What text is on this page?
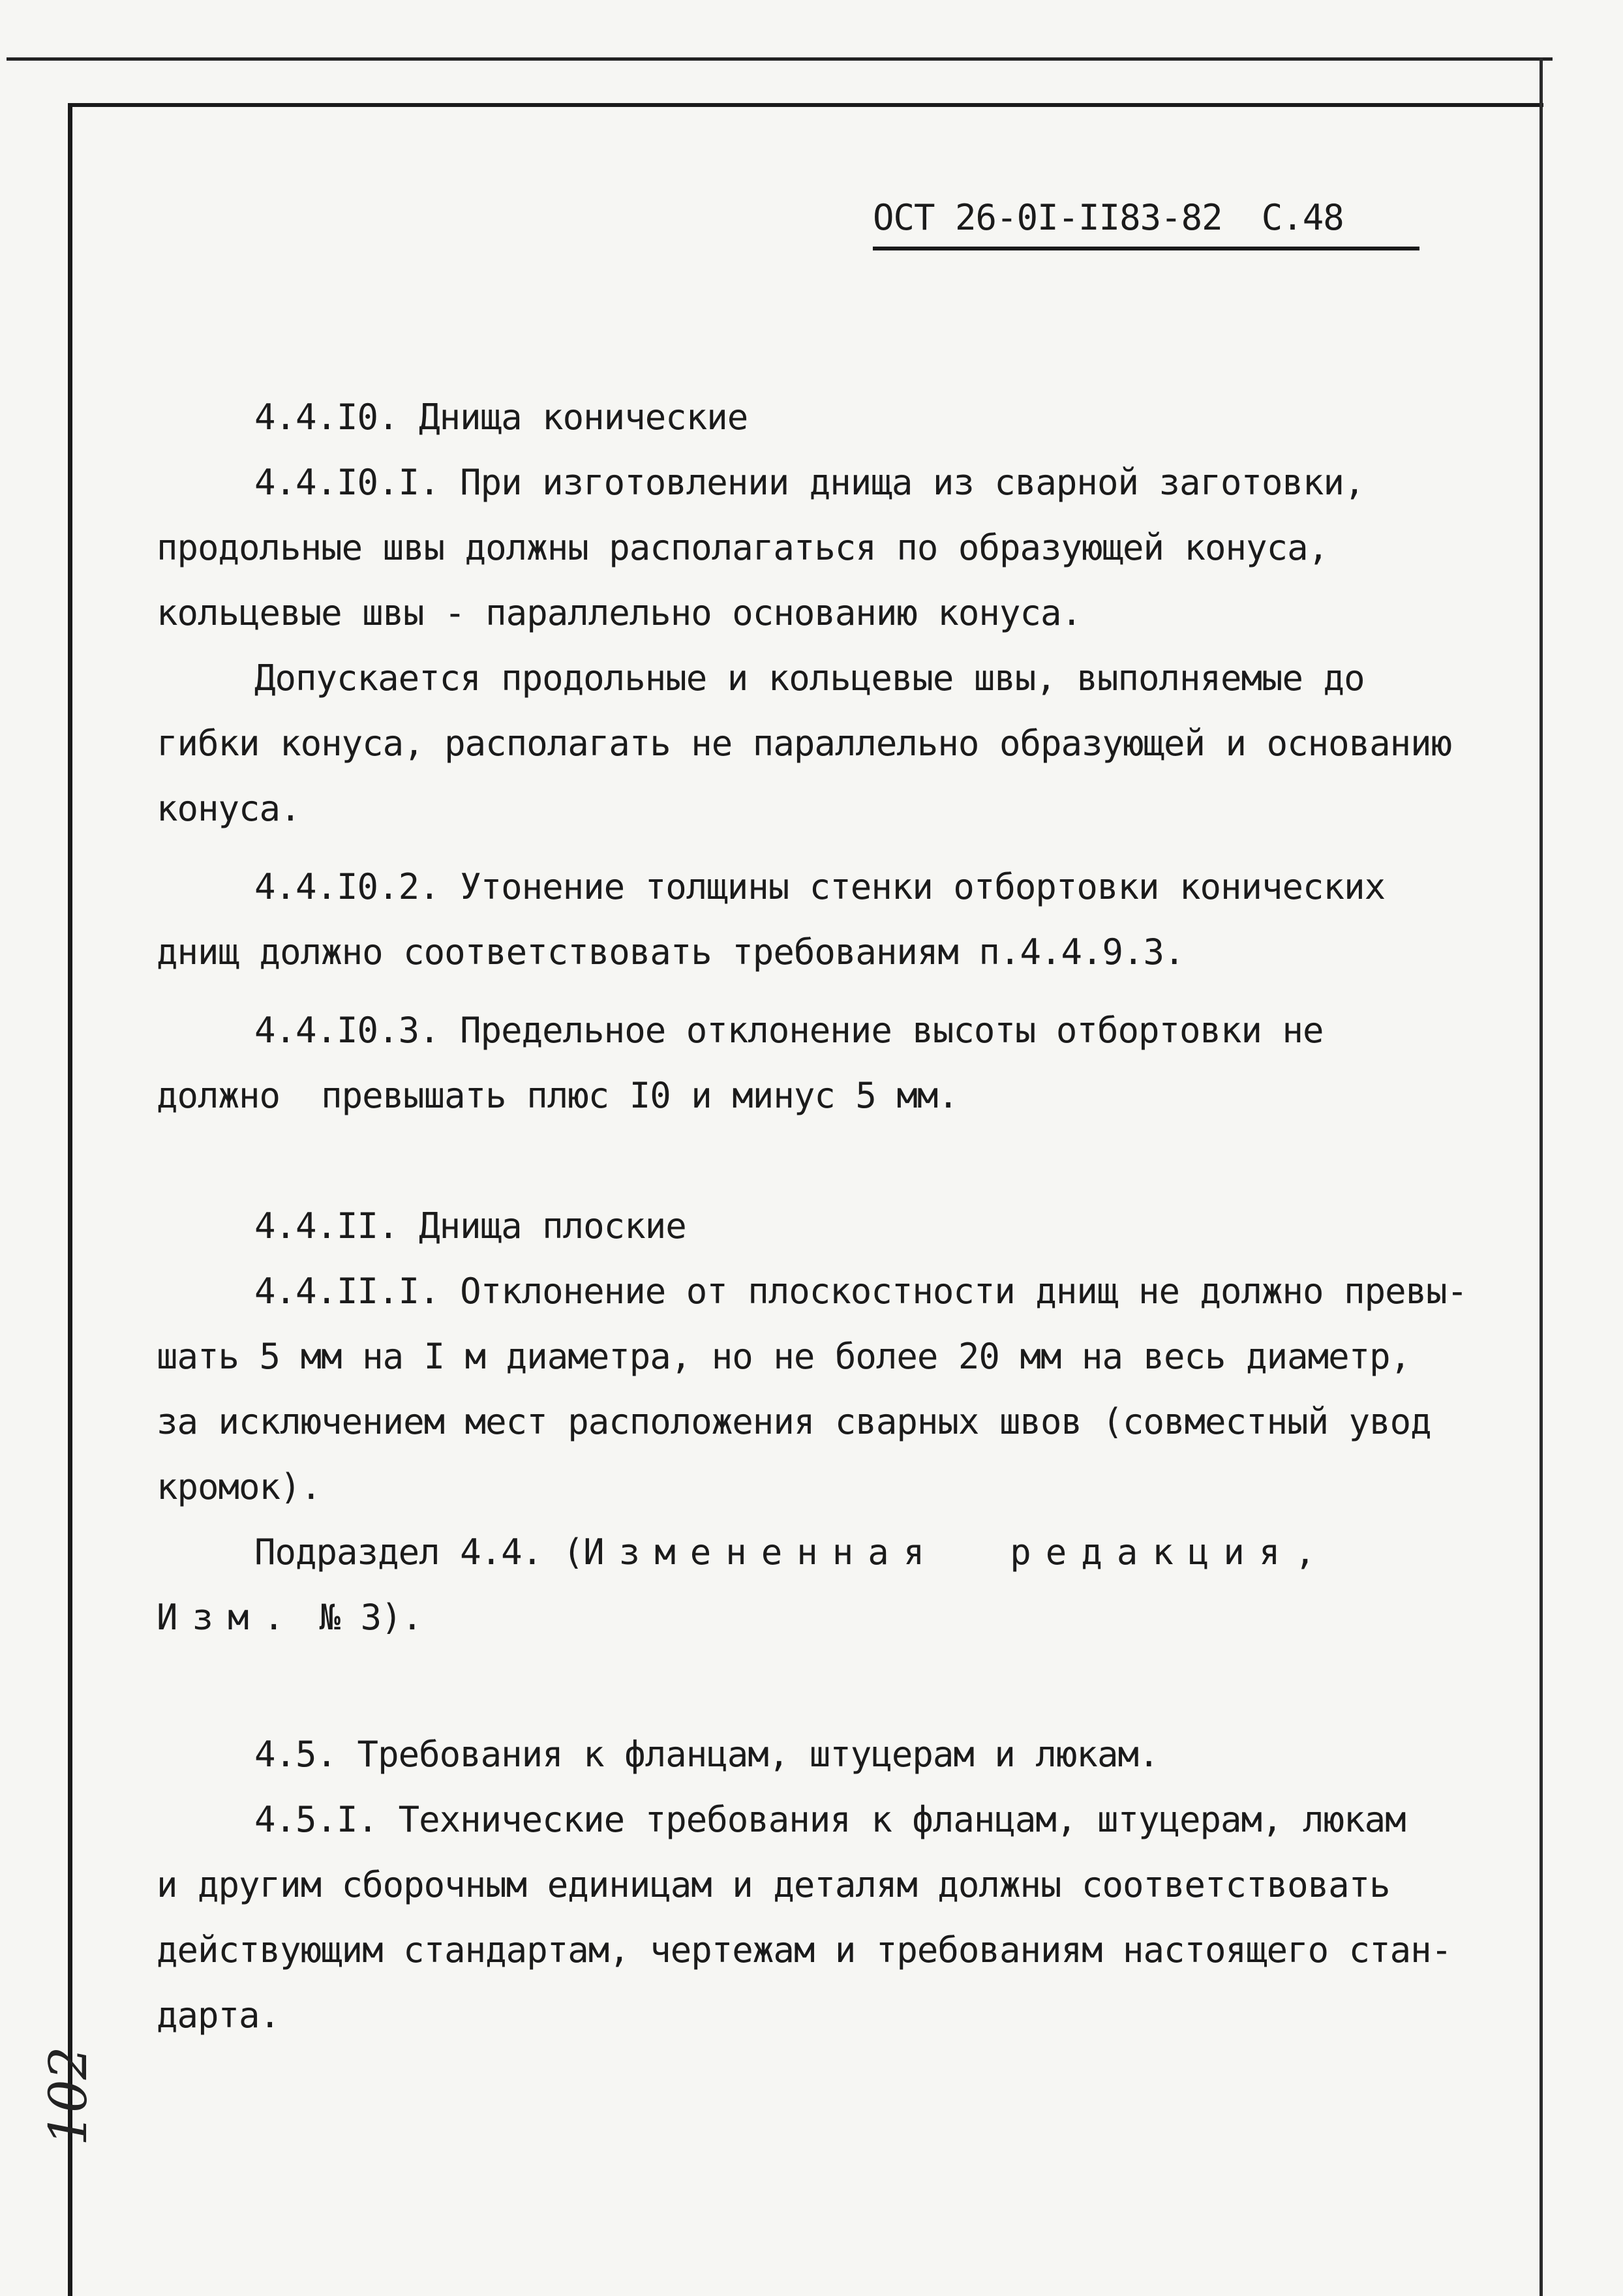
ОСТ 26-0I-II83-82 С.48
4.4.I0. Днища конические
4.4.I0.I. При изготовлении днища из сварной заготовки,
продольные швы должны располагаться по образующей конуса,
кольцевые швы - параллельно основанию конуса.
Допускается продольные и кольцевые швы, выполняемые до
гибки конуса, располагать не параллельно образующей и основанию
конуса.
4.4.I0.2. Утонение толщины стенки отбортовки конических
днищ должно соответствовать требованиям п.4.4.9.3.
4.4.I0.3. Предельное отклонение высоты отбортовки не
должно  превышать плюс I0 и минус 5 мм.
4.4.II. Днища плоские
4.4.II.I. Отклонение от плоскостности днищ не должно превы-
шать 5 мм на I м диаметра, но не более 20 мм на весь диаметр,
за исключением мест расположения сварных швов (совместный увод
кромок).
Подраздел 4.4. (Измененная  редакция,
Изм. № 3).
4.5. Требования к фланцам, штуцерам и люкам.
4.5.I. Технические требования к фланцам, штуцерам, люкам
и другим сборочным единицам и деталям должны соответствовать
действующим стандартам, чертежам и требованиям настоящего стан-
дарта.
102
